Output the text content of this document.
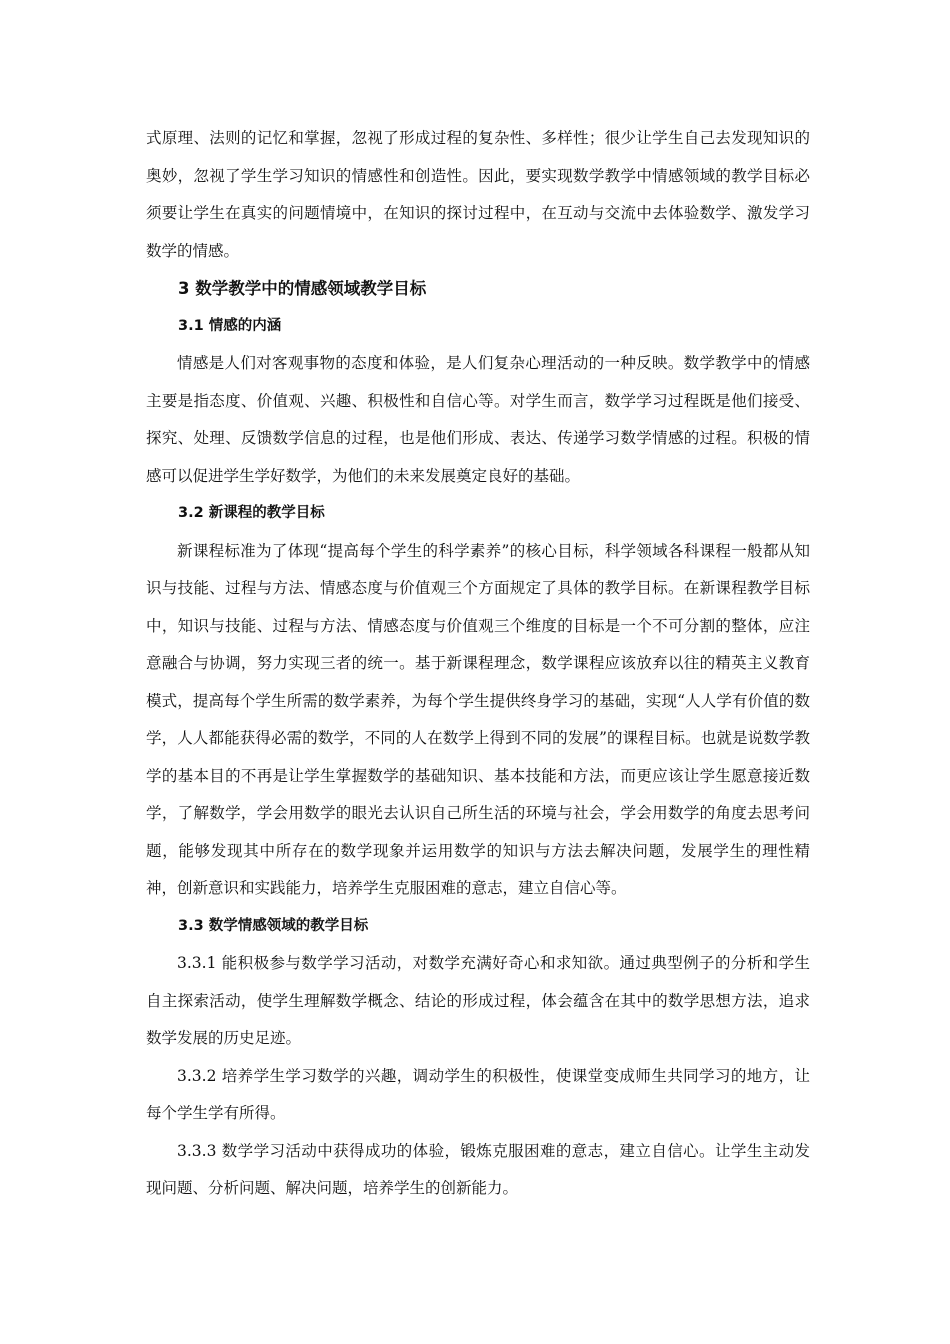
式原理、法则的记忆和掌握，忽视了形成过程的复杂性、多样性；很少让学生自己去发现知识的奥妙，忽视了学生学习知识的情感性和创造性。因此，要实现数学教学中情感领域的教学目标必须要让学生在真实的问题情境中，在知识的探讨过程中，在互动与交流中去体验数学、激发学习数学的情感。

3 数学教学中的情感领域教学目标
3.1 情感的内涵

情感是人们对客观事物的态度和体验，是人们复杂心理活动的一种反映。数学教学中的情感主要是指态度、价值观、兴趣、积极性和自信心等。对学生而言，数学学习过程既是他们接受、探究、处理、反馈数学信息的过程，也是他们形成、表达、传递学习数学情感的过程。积极的情感可以促进学生学好数学，为他们的未来发展奠定良好的基础。

3.2 新课程的教学目标

新课程标准为了体现“提高每个学生的科学素养”的核心目标，科学领域各科课程一般都从知识与技能、过程与方法、情感态度与价值观三个方面规定了具体的教学目标。在新课程教学目标中，知识与技能、过程与方法、情感态度与价值观三个维度的目标是一个不可分割的整体，应注意融合与协调，努力实现三者的统一。基于新课程理念，数学课程应该放弃以往的精英主义教育模式，提高每个学生所需的数学素养，为每个学生提供终身学习的基础，实现“人人学有价值的数学，人人都能获得必需的数学，不同的人在数学上得到不同的发展”的课程目标。也就是说数学教学的基本目的不再是让学生掌握数学的基础知识、基本技能和方法，而更应该让学生愿意接近数学，了解数学，学会用数学的眼光去认识自己所生活的环境与社会，学会用数学的角度去思考问题，能够发现其中所存在的数学现象并运用数学的知识与方法去解决问题，发展学生的理性精神，创新意识和实践能力，培养学生克服困难的意志，建立自信心等。

3.3 数学情感领域的教学目标

3.3.1 能积极参与数学学习活动，对数学充满好奇心和求知欲。通过典型例子的分析和学生自主探索活动，使学生理解数学概念、结论的形成过程，体会蕴含在其中的数学思想方法，追求数学发展的历史足迹。

3.3.2 培养学生学习数学的兴趣，调动学生的积极性，使课堂变成师生共同学习的地方，让每个学生学有所得。

3.3.3 数学学习活动中获得成功的体验，锻炼克服困难的意志，建立自信心。让学生主动发现问题、分析问题、解决问题，培养学生的创新能力。
